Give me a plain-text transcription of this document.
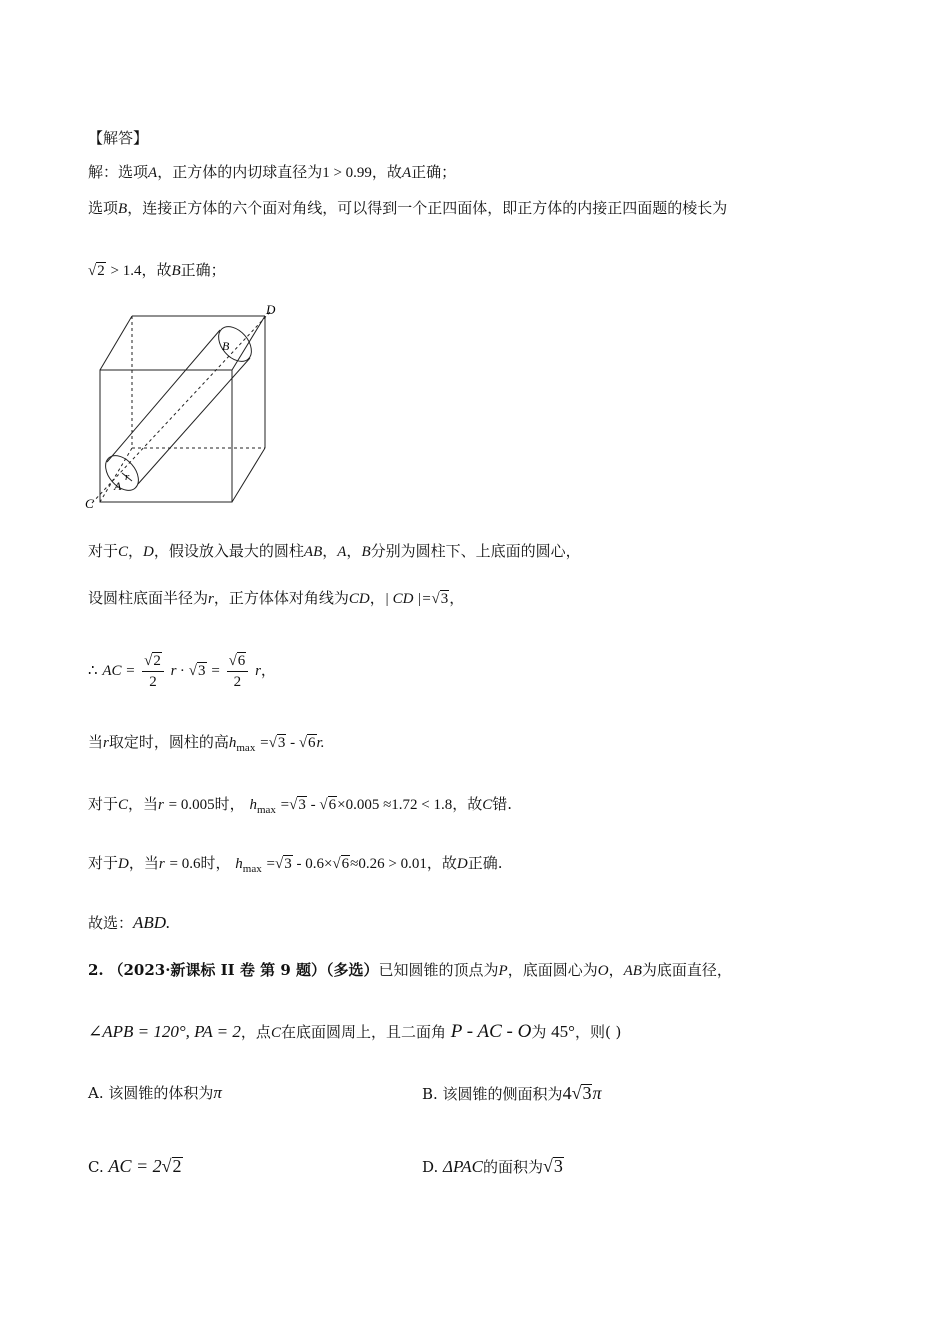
【解答】
解：选项A，正方体的内切球直径为1 > 0.99，故A正确；
选项B，连接正方体的六个面对角线，可以得到一个正四面体，即正方体的内接正四面题的棱长为
√2 > 1.4，故B正确；
D
B
A
r
C
对于C，D，假设放入最大的圆柱AB，A，B分别为圆柱下、上底面的圆心，
设圆柱底面半径为r，正方体体对角线为CD，| CD |=√3，
∴ AC = $\frac{√2}{2}$ $r \cdot √3 = \frac{√6}{2}$ r，
当r取定时，圆柱的高$h_{max} =√3 - √6r$.
对于C，当r = 0.005时， $h_{max} =√3 - √6\times 0.005 \approx 1.72 < 1.8$，故C错.
对于D，当r = 0.6时， $h_{max} =√3 - 0.6\times√6\approx 0.26 > 0.01$，故D正确.
故选：ABD.
2. （2023·新课标 II 卷 第 9 题）（多选）已知圆锥的顶点为P，底面圆心为O，AB为底面直径，
∠APB = 120°, PA = 2，点C在底面圆周上，且二面角 P - AC - O为 45°，则( )
A. 该圆锥的体积为π	B. 该圆锥的侧面积为4√3π
C. AC = 2√2	D. ΔPAC的面积为√3
